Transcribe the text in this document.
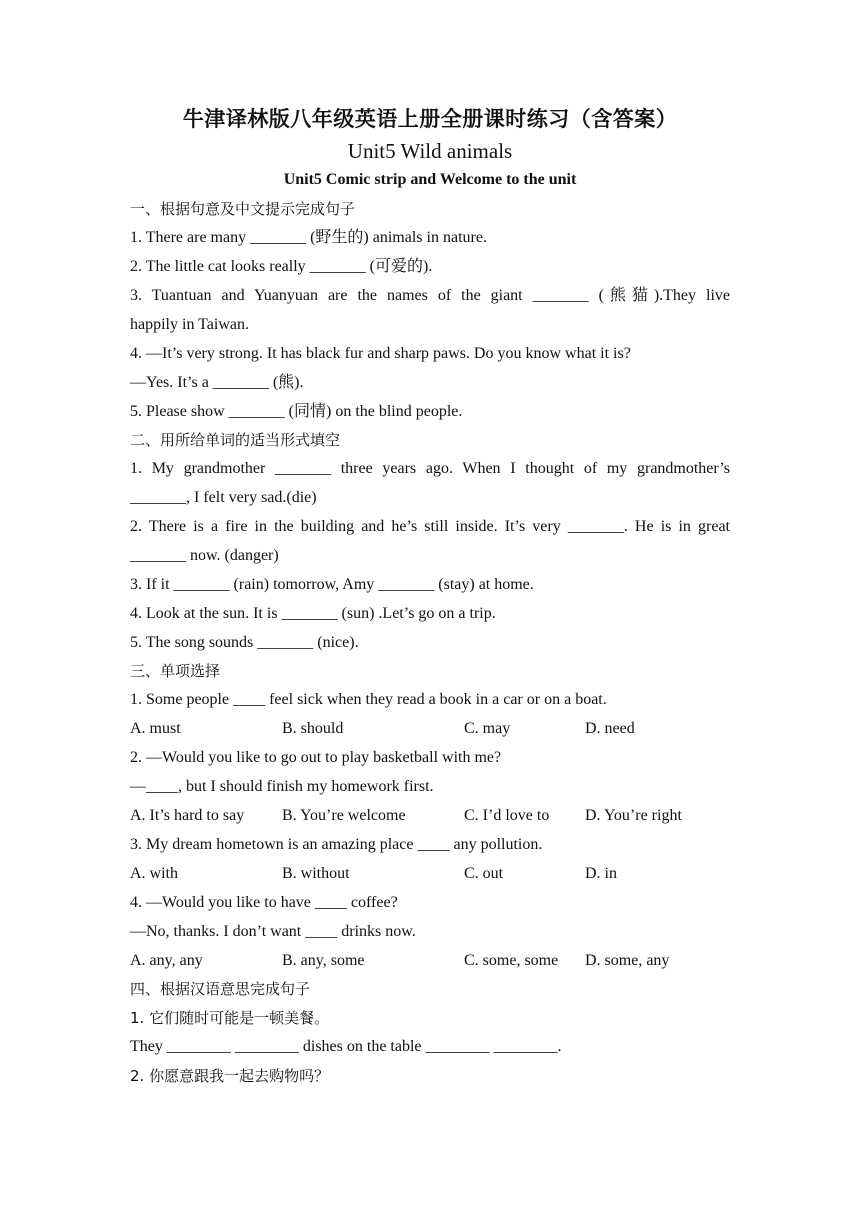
牛津译林版八年级英语上册全册课时练习（含答案）
Unit5 Wild animals
Unit5 Comic strip and Welcome to the unit
一、根据句意及中文提示完成句子
1. There are many _______ (野生的) animals in nature.
2. The little cat looks really _______ (可爱的).
3. Tuantuan and Yuanyuan are the names of the giant _______ (熊猫).They live
happily in Taiwan.
4. —It’s very strong. It has black fur and sharp paws. Do you know what it is?
—Yes. It’s a _______ (熊).
5. Please show _______ (同情) on the blind people.
二、用所给单词的适当形式填空
1. My grandmother _______ three years ago. When I thought of my grandmother’s
_______, I felt very sad.(die)
2. There is a fire in the building and he’s still inside. It’s very _______. He is in great
_______ now. (danger)
3. If it _______ (rain) tomorrow, Amy _______ (stay) at home.
4. Look at the sun. It is _______ (sun) .Let’s go on a trip.
5. The song sounds _______ (nice).
三、单项选择
1. Some people ____ feel sick when they read a book in a car or on a boat.
A. must	B. should	C. may	D. need
2. —Would you like to go out to play basketball with me?
—____, but I should finish my homework first.
A. It’s hard to say B. You’re welcome	C. I’d love to D. You’re right
3. My dream hometown is an amazing place ____ any pollution.
A. with	B. without	C. out	D. in
4. —Would you like to have ____ coffee?
—No, thanks. I don’t want ____ drinks now.
A. any, any	B. any, some	C. some, some D. some, any
四、根据汉语意思完成句子
1. 它们随时可能是一顿美餐。
They ________ ________ dishes on the table ________ ________.
2. 你愿意跟我一起去购物吗？
